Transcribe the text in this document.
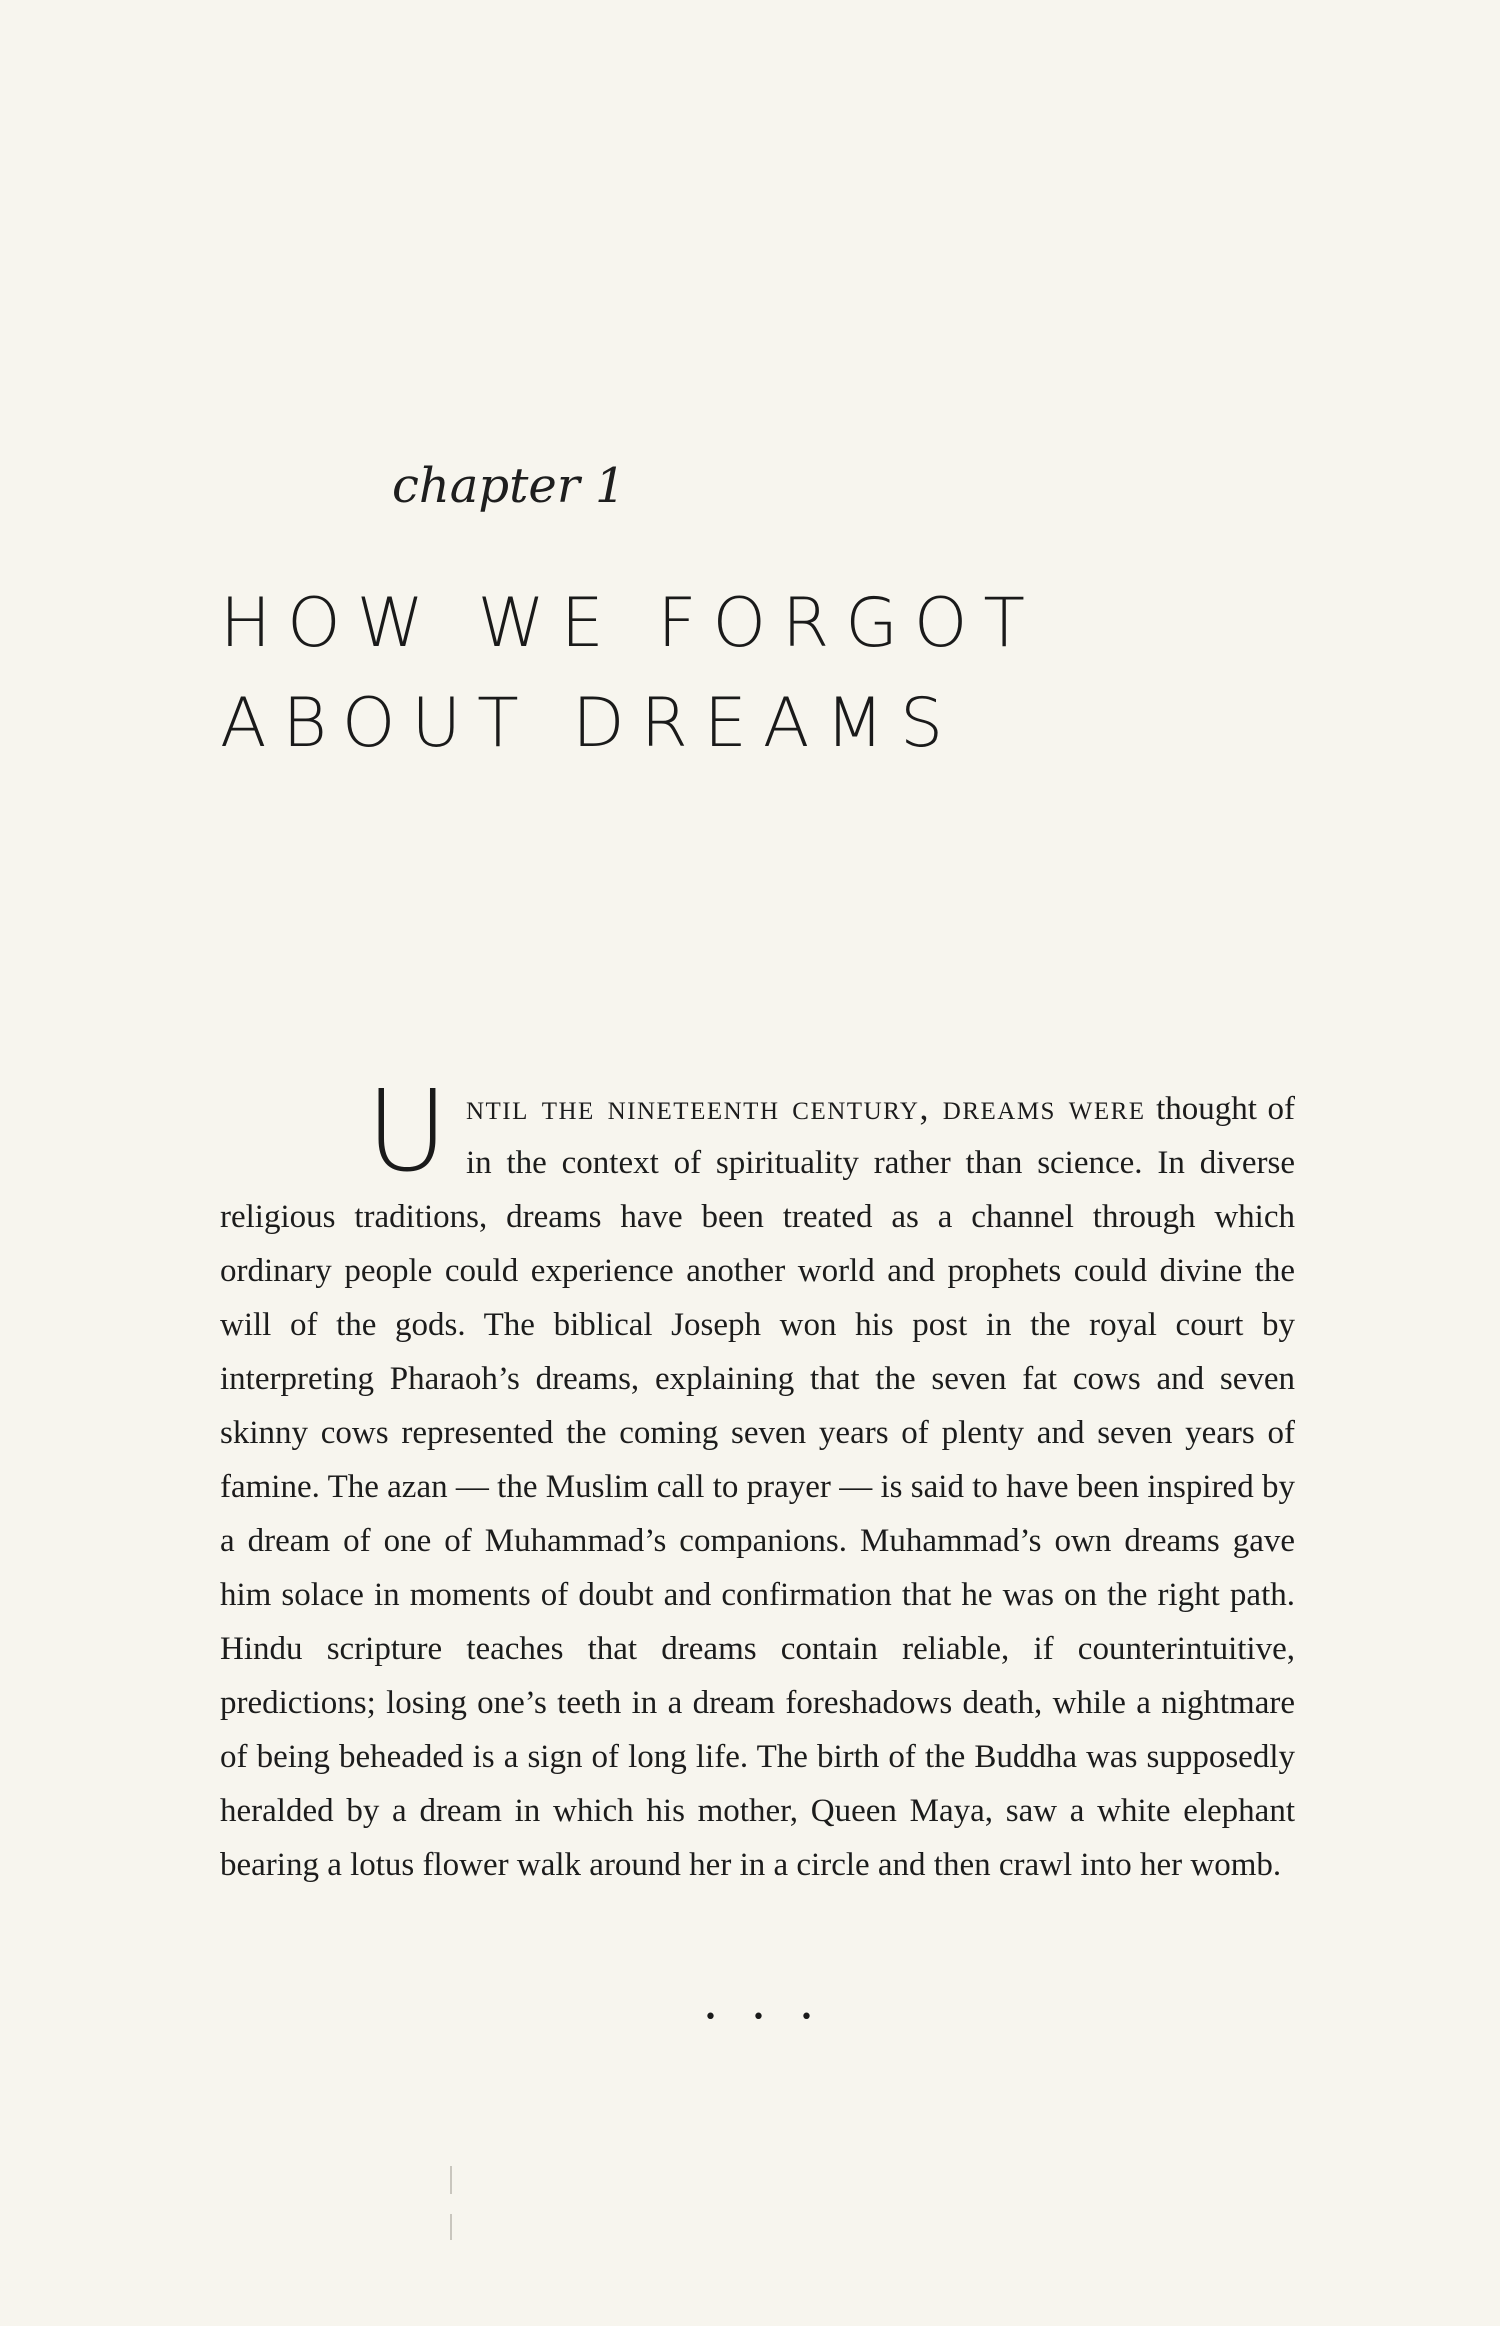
chapter 1

HOW WE FORGOT
ABOUT DREAMS

U ntil the nineteenth century, dreams were thought of in the context of spirituality rather than science. In diverse religious traditions, dreams have been treated as a channel through which ordinary people could experience another world and prophets could divine the will of the gods. The biblical Joseph won his post in the royal court by interpreting Pharaoh’s dreams, explaining that the seven fat cows and seven skinny cows represented the coming seven years of plenty and seven years of famine. The azan — the Muslim call to prayer — is said to have been inspired by a dream of one of Muhammad’s companions. Muhammad’s own dreams gave him solace in moments of doubt and confirmation that he was on the right path. Hindu scripture teaches that dreams contain reliable, if counterintuitive, predictions; losing one’s teeth in a dream foreshadows death, while a nightmare of being beheaded is a sign of long life. The birth of the Buddha was supposedly heralded by a dream in which his mother, Queen Maya, saw a white elephant bearing a lotus flower walk around her in a circle and then crawl into her womb.

• • •
